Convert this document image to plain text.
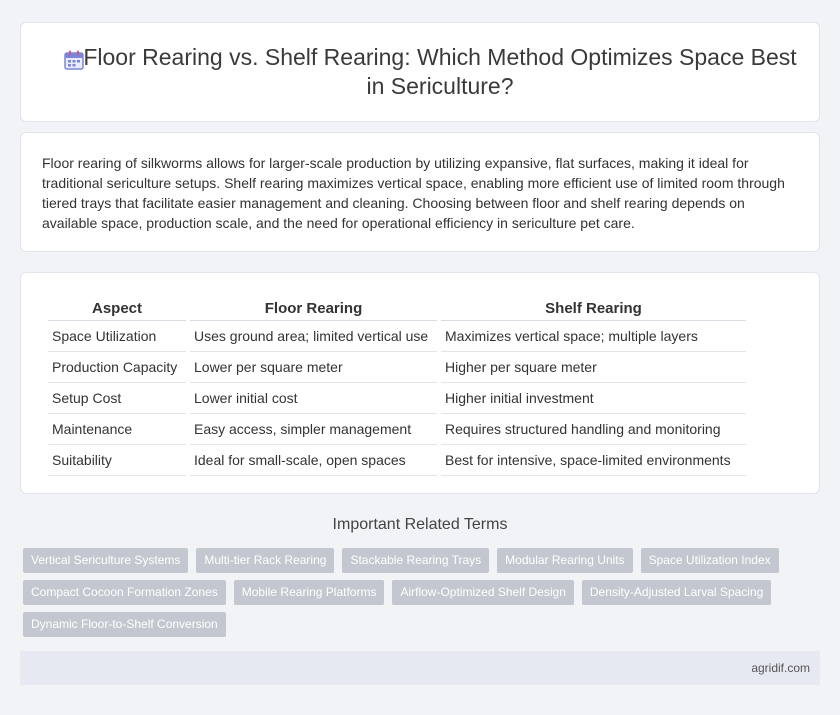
Floor Rearing vs. Shelf Rearing: Which Method Optimizes Space Best in Sericulture?

Floor rearing of silkworms allows for larger-scale production by utilizing expansive, flat surfaces, making it ideal for traditional sericulture setups. Shelf rearing maximizes vertical space, enabling more efficient use of limited room through tiered trays that facilitate easier management and cleaning. Choosing between floor and shelf rearing depends on available space, production scale, and the need for operational efficiency in sericulture pet care.

Aspect	Floor Rearing	Shelf Rearing
Space Utilization	Uses ground area; limited vertical use	Maximizes vertical space; multiple layers
Production Capacity	Lower per square meter	Higher per square meter
Setup Cost	Lower initial cost	Higher initial investment
Maintenance	Easy access, simpler management	Requires structured handling and monitoring
Suitability	Ideal for small-scale, open spaces	Best for intensive, space-limited environments
Important Related Terms
Vertical Sericulture Systems	Multi-tier Rack Rearing	Stackable Rearing Trays	Modular Rearing Units	Space Utilization Index
Compact Cocoon Formation Zones	Mobile Rearing Platforms	Airflow-Optimized Shelf Design	Density-Adjusted Larval Spacing
Dynamic Floor-to-Shelf Conversion
agridif.com
